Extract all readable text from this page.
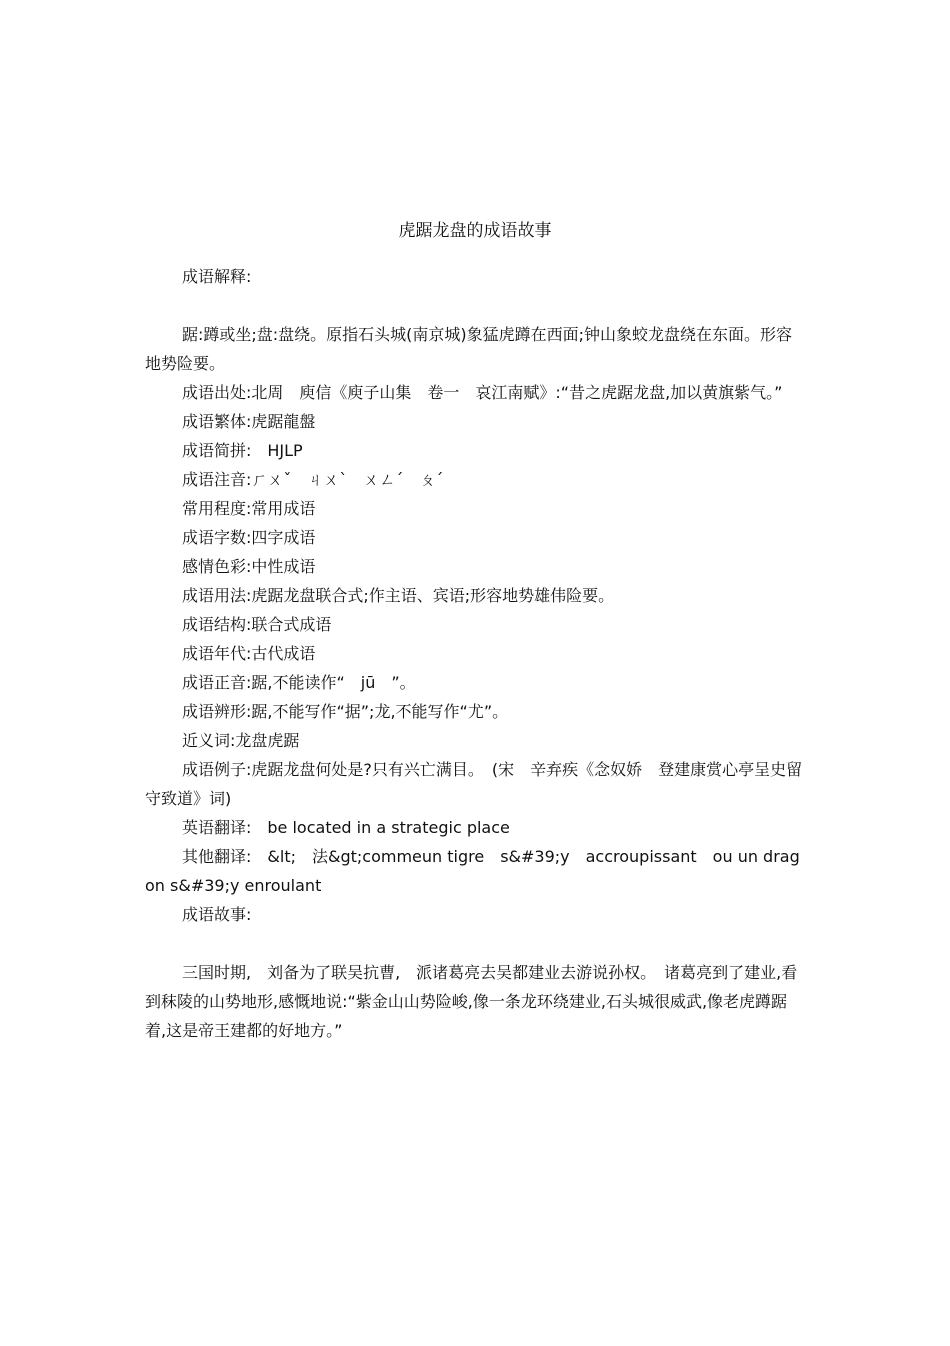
虎踞龙盘的成语故事

成语解释:

踞:蹲或坐;盘:盘绕。原指石头城(南京城)象猛虎蹲在西面;钟山象蛟龙盘绕在东面。形容地势险要。

成语出处:北周　庾信《庾子山集　卷一　哀江南赋》:“昔之虎踞龙盘,加以黄旗紫气。”

成语繁体:虎踞龍盤

成语简拼:　HJLP

成语注音:ㄏㄨˇ　ㄐㄨˋ　ㄨㄥˊ　ㄆˊ

常用程度:常用成语

成语字数:四字成语

感情色彩:中性成语

成语用法:虎踞龙盘联合式;作主语、宾语;形容地势雄伟险要。

成语结构:联合式成语

成语年代:古代成语

成语正音:踞,不能读作“　jū　”。

成语辨形:踞,不能写作“据”;龙,不能写作“尤”。

近义词:龙盘虎踞

成语例子:虎踞龙盘何处是?只有兴亡满目。　(宋　辛弃疾《念奴娇　登建康赏心亭呈史留守致道》词)

英语翻译:　be located in a strategic place

其他翻译:　&lt;　法&gt;commeun tigre　s&#39;y　accroupissant　ou un dragon s&#39;y enroulant

成语故事:

三国时期,　刘备为了联吴抗曹,　派诸葛亮去吴都建业去游说孙权。　诸葛亮到了建业,看到秣陵的山势地形,感慨地说:“紫金山山势险峻,像一条龙环绕建业,石头城很威武,像老虎蹲踞着,这是帝王建都的好地方。”
